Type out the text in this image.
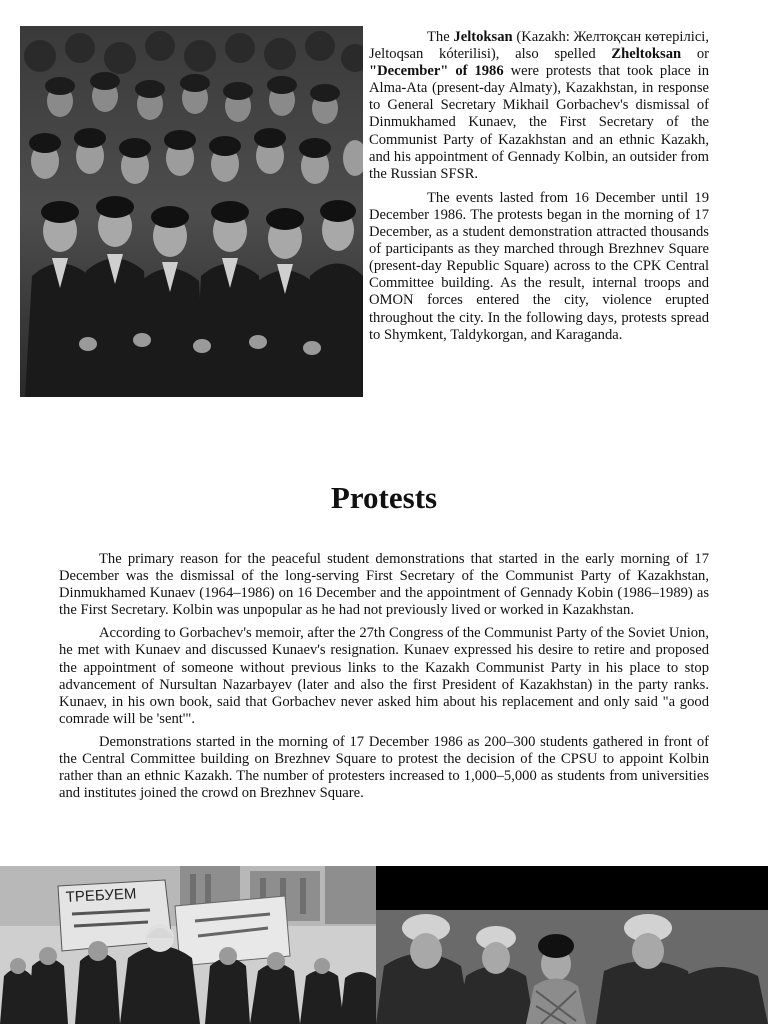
The Jeltoksan (Kazakh: Желтоқсан көтерілісі, Jeltoqsan kóterilisi), also spelled Zheltoksan or "December" of 1986 were protests that took place in Alma-Ata (present-day Almaty), Kazakhstan, in response to General Secretary Mikhail Gorbachev's dismissal of Dinmukhamed Kunaev, the First Secretary of the Communist Party of Kazakhstan and an ethnic Kazakh, and his appointment of Gennady Kolbin, an outsider from the Russian SFSR.

The events lasted from 16 December until 19 December 1986. The protests began in the morning of 17 December, as a student demonstration attracted thousands of participants as they marched through Brezhnev Square (present-day Republic Square) across to the CPK Central Committee building. As the result, internal troops and OMON forces entered the city, violence erupted throughout the city. In the following days, protests spread to Shymkent, Taldykorgan, and Karaganda.

Protests

The primary reason for the peaceful student demonstrations that started in the early morning of 17 December was the dismissal of the long-serving First Secretary of the Communist Party of Kazakhstan, Dinmukhamed Kunaev (1964–1986) on 16 December and the appointment of Gennady Kobin (1986–1989) as the First Secretary. Kolbin was unpopular as he had not previously lived or worked in Kazakhstan.

According to Gorbachev's memoir, after the 27th Congress of the Communist Party of the Soviet Union, he met with Kunaev and discussed Kunaev's resignation. Kunaev expressed his desire to retire and proposed the appointment of someone without previous links to the Kazakh Communist Party in his place to stop advancement of Nursultan Nazarbayev (later and also the first President of Kazakhstan) in the party ranks. Kunaev, in his own book, said that Gorbachev never asked him about his replacement and only said "a good comrade will be 'sent'".

Demonstrations started in the morning of 17 December 1986 as 200–300 students gathered in front of the Central Committee building on Brezhnev Square to protest the decision of the CPSU to appoint Kolbin rather than an ethnic Kazakh. The number of protesters increased to 1,000–5,000 as students from universities and institutes joined the crowd on Brezhnev Square.

ТРЕБУЕМ
